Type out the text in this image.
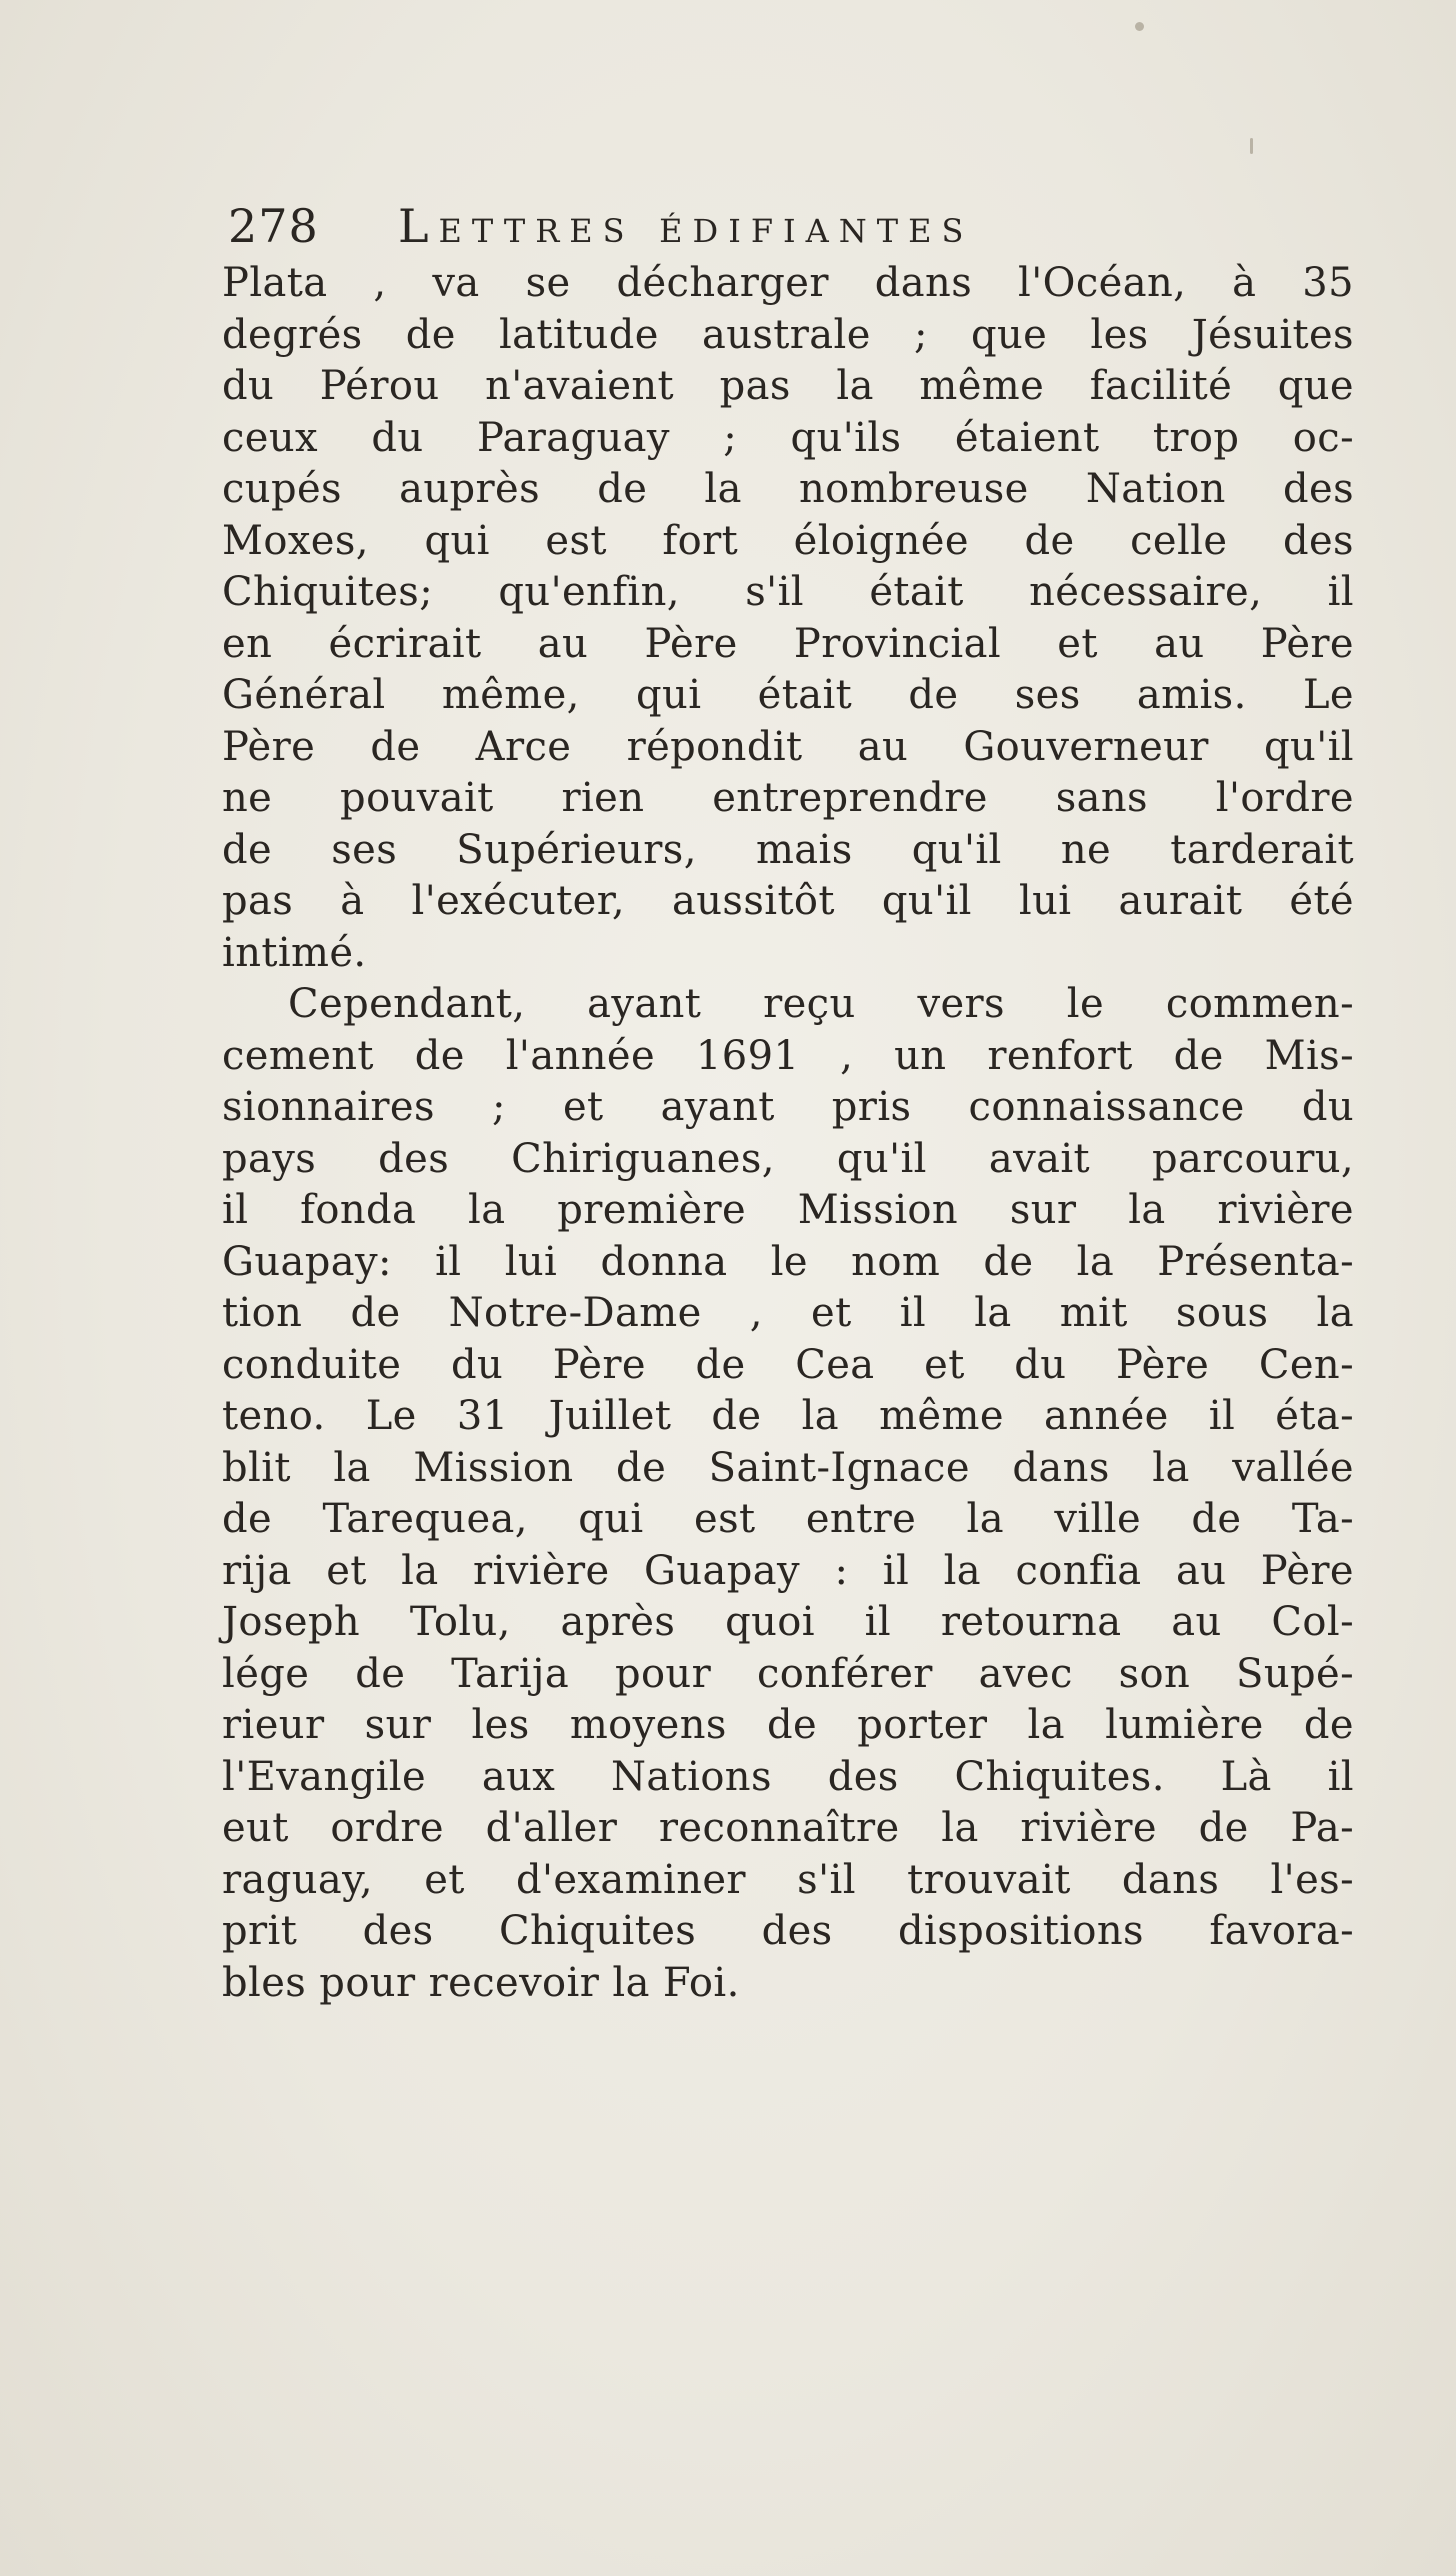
278 Lettres édifiantes
Plata , va se décharger dans l'Océan, à 35
degrés de latitude australe ; que les Jésuites
du Pérou n'avaient pas la même facilité que
ceux du Paraguay ; qu'ils étaient trop oc-
cupés auprès de la nombreuse Nation des
Moxes, qui est fort éloignée de celle des
Chiquites; qu'enfin, s'il était nécessaire, il
en écrirait au Père Provincial et au Père
Général même, qui était de ses amis. Le
Père de Arce répondit au Gouverneur qu'il
ne pouvait rien entreprendre sans l'ordre
de ses Supérieurs, mais qu'il ne tarderait
pas à l'exécuter, aussitôt qu'il lui aurait été
intimé.
Cependant, ayant reçu vers le commen-
cement de l'année 1691 , un renfort de Mis-
sionnaires ; et ayant pris connaissance du
pays des Chiriguanes, qu'il avait parcouru,
il fonda la première Mission sur la rivière
Guapay: il lui donna le nom de la Présenta-
tion de Notre-Dame , et il la mit sous la
conduite du Père de Cea et du Père Cen-
teno. Le 31 Juillet de la même année il éta-
blit la Mission de Saint-Ignace dans la vallée
de Tarequea, qui est entre la ville de Ta-
rija et la rivière Guapay : il la confia au Père
Joseph Tolu, après quoi il retourna au Col-
lége de Tarija pour conférer avec son Supé-
rieur sur les moyens de porter la lumière de
l'Evangile aux Nations des Chiquites. Là il
eut ordre d'aller reconnaître la rivière de Pa-
raguay, et d'examiner s'il trouvait dans l'es-
prit des Chiquites des dispositions favora-
bles pour recevoir la Foi.
